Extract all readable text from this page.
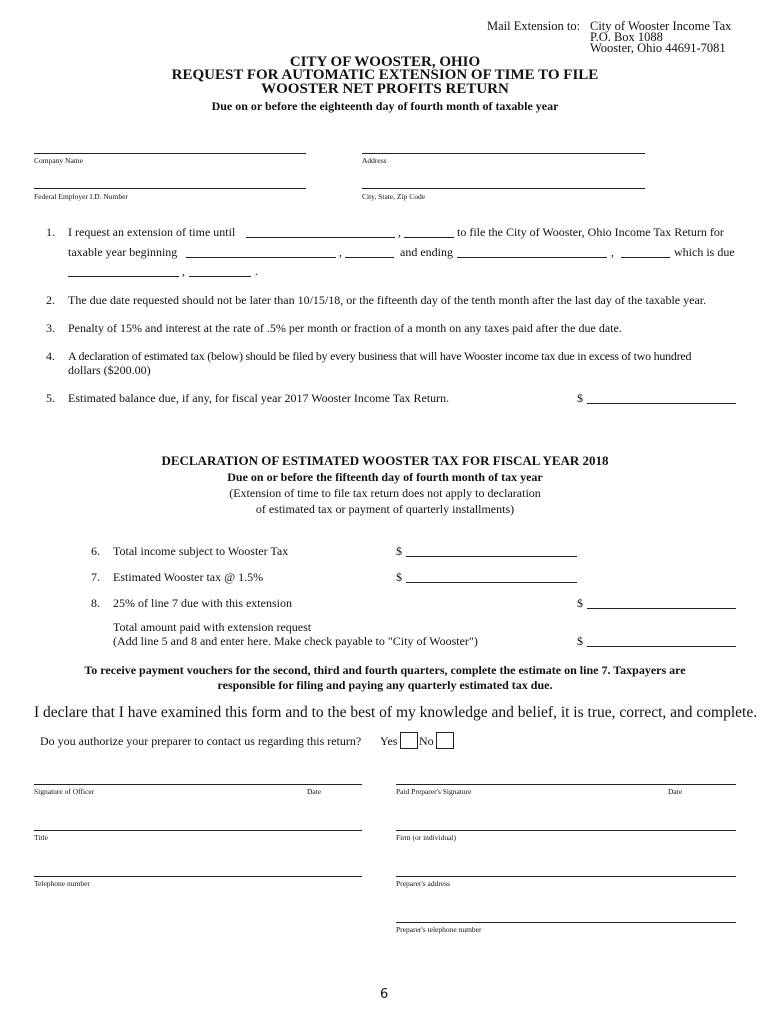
Mail Extension to: City of Wooster Income Tax
P.O. Box 1088
Wooster, Ohio 44691-7081
CITY OF WOOSTER, OHIO
REQUEST FOR AUTOMATIC EXTENSION OF TIME TO FILE
WOOSTER NET PROFITS RETURN
Due on or before the eighteenth day of fourth month of taxable year
Company Name	Address
Federal Employer I.D. Number	City, State, Zip Code
1. I request an extension of time until	,	to file the City of Wooster, Ohio Income Tax Return for
taxable year beginning	,	and ending	,	which is due
,	.
2. The due date requested should not be later than 10/15/18, or the fifteenth day of the tenth month after the last day of the taxable year.
3. Penalty of 15% and interest at the rate of .5% per month or fraction of a month on any taxes paid after the due date.
4. A declaration of estimated tax (below) should be filed by every business that will have Wooster income tax due in excess of two hundred
dollars ($200.00)
5. Estimated balance due, if any, for fiscal year 2017 Wooster Income Tax Return.	$
DECLARATION OF ESTIMATED WOOSTER TAX FOR FISCAL YEAR 2018
Due on or before the fifteenth day of fourth month of tax year
(Extension of time to file tax return does not apply to declaration
of estimated tax or payment of quarterly installments)
6. Total income subject to Wooster Tax	$
7. Estimated Wooster tax @ 1.5%	$
8. 25% of line 7 due with this extension	$
Total amount paid with extension request
(Add line 5 and 8 and enter here. Make check payable to "City of Wooster")	$
To receive payment vouchers for the second, third and fourth quarters, complete the estimate on line 7. Taxpayers are
responsible for filing and paying any quarterly estimated tax due.
I declare that I have examined this form and to the best of my knowledge and belief, it is true, correct, and complete.
Do you authorize your preparer to contact us regarding this return? Yes No
Signature of Officer	Date	Paid Preparer's Signature	Date
Title	Firm (or individual)
Telephone number	Preparer's address
Preparer's telephone number
6
